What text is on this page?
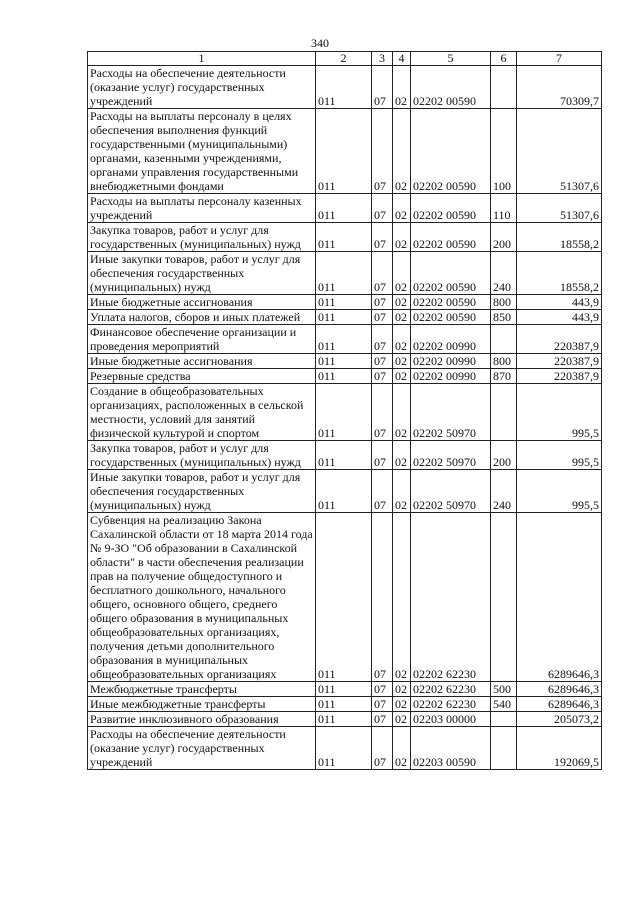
340
1	2	3	4	5	6	7
Расходы на обеспечение деятельности (оказание услуг) государственных учреждений	011	07	02	02202 00590		70309,7
Расходы на выплаты персоналу в целях обеспечения выполнения функций государственными (муниципальными) органами, казенными учреждениями, органами управления государственными внебюджетными фондами	011	07	02	02202 00590	100	51307,6
Расходы на выплаты персоналу казенных учреждений	011	07	02	02202 00590	110	51307,6
Закупка товаров, работ и услуг для государственных (муниципальных) нужд	011	07	02	02202 00590	200	18558,2
Иные закупки товаров, работ и услуг для обеспечения государственных (муниципальных) нужд	011	07	02	02202 00590	240	18558,2
Иные бюджетные ассигнования	011	07	02	02202 00590	800	443,9
Уплата налогов, сборов и иных платежей	011	07	02	02202 00590	850	443,9
Финансовое обеспечение организации и проведения мероприятий	011	07	02	02202 00990		220387,9
Иные бюджетные ассигнования	011	07	02	02202 00990	800	220387,9
Резервные средства	011	07	02	02202 00990	870	220387,9
Создание в общеобразовательных организациях, расположенных в сельской местности, условий для занятий физической культурой и спортом	011	07	02	02202 50970		995,5
Закупка товаров, работ и услуг для государственных (муниципальных) нужд	011	07	02	02202 50970	200	995,5
Иные закупки товаров, работ и услуг для обеспечения государственных (муниципальных) нужд	011	07	02	02202 50970	240	995,5
Субвенция на реализацию Закона Сахалинской области от 18 марта 2014 года № 9-ЗО "Об образовании в Сахалинской области" в части обеспечения реализации прав на получение общедоступного и бесплатного дошкольного, начального общего, основного общего, среднего общего образования в муниципальных общеобразовательных организациях, получения детьми дополнительного образования в муниципальных общеобразовательных организациях	011	07	02	02202 62230		6289646,3
Межбюджетные трансферты	011	07	02	02202 62230	500	6289646,3
Иные межбюджетные трансферты	011	07	02	02202 62230	540	6289646,3
Развитие инклюзивного образования	011	07	02	02203 00000		205073,2
Расходы на обеспечение деятельности (оказание услуг) государственных учреждений	011	07	02	02203 00590		192069,5
